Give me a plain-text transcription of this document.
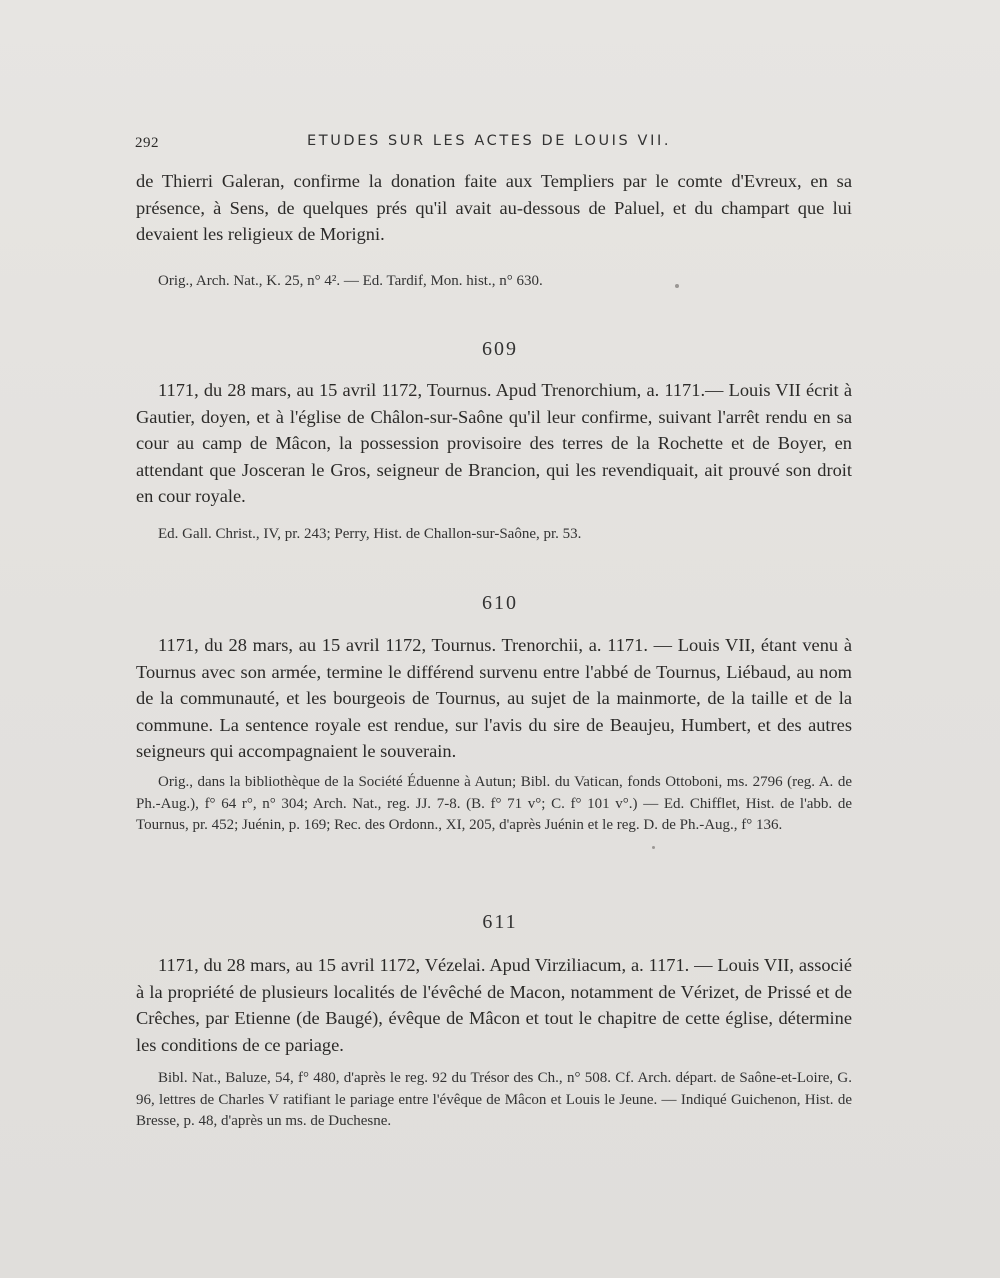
292	ETUDES SUR LES ACTES DE LOUIS VII.

de Thierri Galeran, confirme la donation faite aux Templiers par le comte d'Evreux, en sa présence, à Sens, de quelques prés qu'il avait au-dessous de Paluel, et du champart que lui devaient les religieux de Morigni.

Orig., Arch. Nat., K. 25, n° 4². — Ed. Tardif, Mon. hist., n° 630.

609

1171, du 28 mars, au 15 avril 1172, Tournus. Apud Trenorchium, a. 1171.— Louis VII écrit à Gautier, doyen, et à l'église de Châlon-sur-Saône qu'il leur confirme, suivant l'arrêt rendu en sa cour au camp de Mâcon, la possession provisoire des terres de la Rochette et de Boyer, en attendant que Josceran le Gros, seigneur de Brancion, qui les revendiquait, ait prouvé son droit en cour royale.

Ed. Gall. Christ., IV, pr. 243; Perry, Hist. de Challon-sur-Saône, pr. 53.

610

1171, du 28 mars, au 15 avril 1172, Tournus. Trenorchii, a. 1171. — Louis VII, étant venu à Tournus avec son armée, termine le différend survenu entre l'abbé de Tournus, Liébaud, au nom de la communauté, et les bourgeois de Tournus, au sujet de la mainmorte, de la taille et de la commune. La sentence royale est rendue, sur l'avis du sire de Beaujeu, Humbert, et des autres seigneurs qui accompagnaient le souverain.

Orig., dans la bibliothèque de la Société Éduenne à Autun; Bibl. du Vatican, fonds Ottoboni, ms. 2796 (reg. A. de Ph.-Aug.), f° 64 r°, n° 304; Arch. Nat., reg. JJ. 7-8. (B. f° 71 v°; C. f° 101 v°.) — Ed. Chifflet, Hist. de l'abb. de Tournus, pr. 452; Juénin, p. 169; Rec. des Ordonn., XI, 205, d'après Juénin et le reg. D. de Ph.-Aug., f° 136.

611

1171, du 28 mars, au 15 avril 1172, Vézelai. Apud Virziliacum, a. 1171. — Louis VII, associé à la propriété de plusieurs localités de l'évêché de Macon, notamment de Vérizet, de Prissé et de Crêches, par Etienne (de Baugé), évêque de Mâcon et tout le chapitre de cette église, détermine les conditions de ce pariage.

Bibl. Nat., Baluze, 54, f° 480, d'après le reg. 92 du Trésor des Ch., n° 508. Cf. Arch. départ. de Saône-et-Loire, G. 96, lettres de Charles V ratifiant le pariage entre l'évêque de Mâcon et Louis le Jeune. — Indiqué Guichenon, Hist. de Bresse, p. 48, d'après un ms. de Duchesne.
